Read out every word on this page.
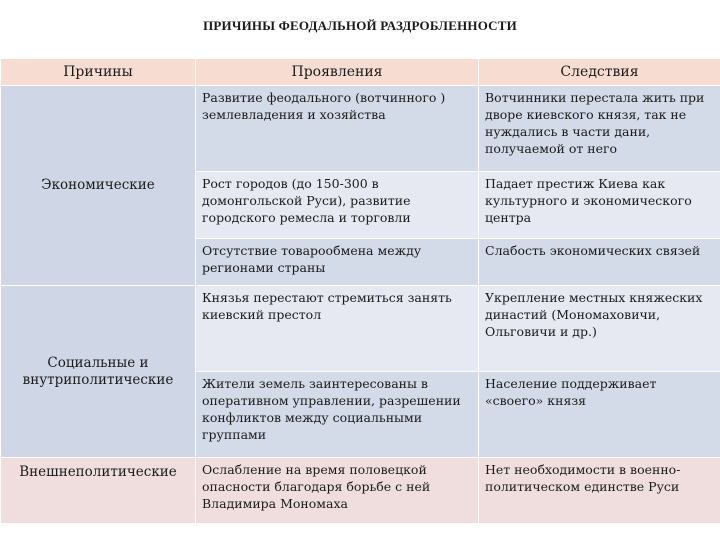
ПРИЧИНЫ ФЕОДАЛЬНОЙ РАЗДРОБЛЕННОСТИ
Причины	Проявления	Следствия
Экономические	Развитие феодального (вотчинного ) землевладения и хозяйства	Вотчинники перестала жить при дворе киевского князя, так не нуждались в части дани, получаемой от него
	Рост городов (до 150-300 в домонгольской Руси), развитие городского ремесла и торговли	Падает престиж Киева как культурного и экономического центра
	Отсутствие товарообмена между регионами страны	Слабость экономических связей
Социальные и внутриполитические	Князья перестают стремиться занять киевский престол	Укрепление местных княжеских династий (Мономаховичи, Ольговичи и др.)
	Жители земель заинтересованы в оперативном управлении, разрешении конфликтов между социальными группами	Население поддерживает «своего» князя
Внешнеполитические	Ослабление на время половецкой опасности благодаря борьбе с ней Владимира Мономаха	Нет необходимости в военно-политическом единстве Руси
